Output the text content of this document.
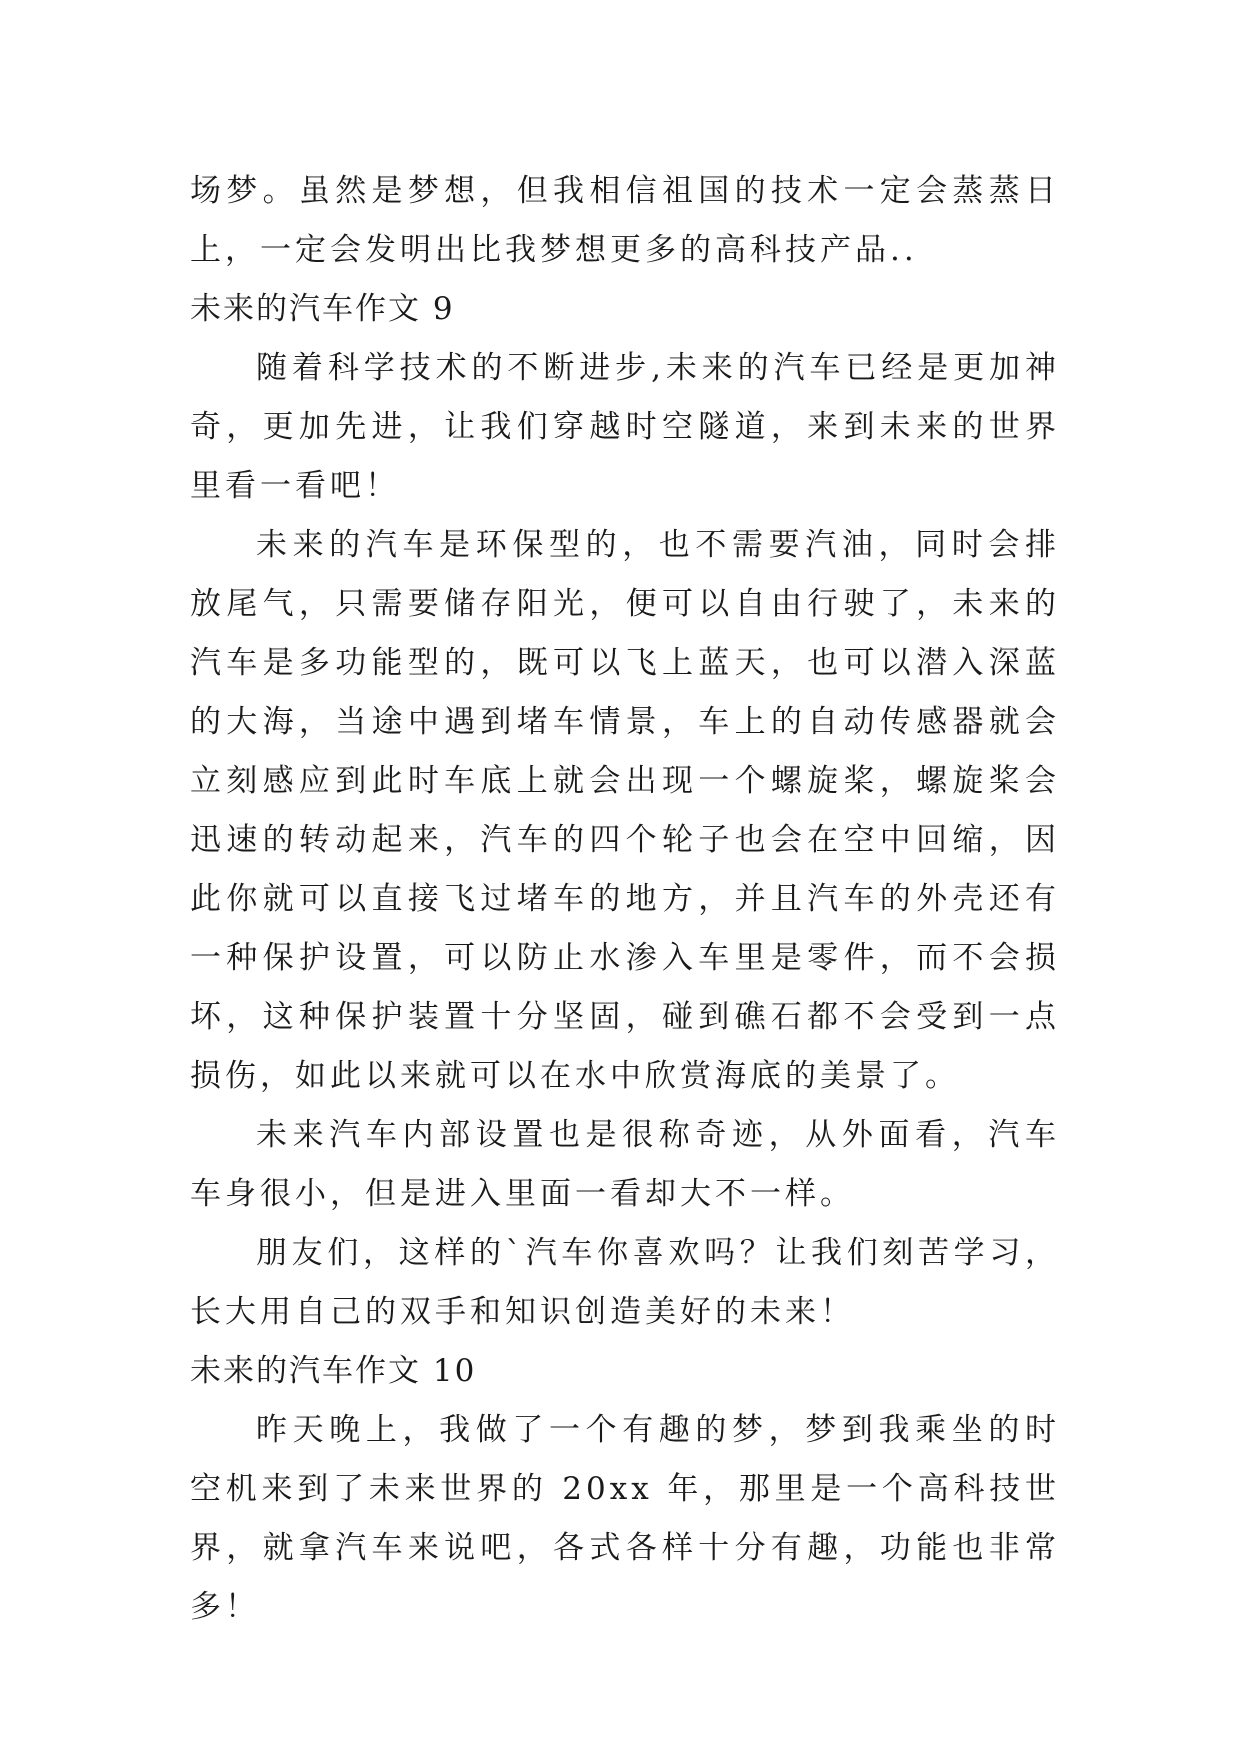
场梦。虽然是梦想，但我相信祖国的技术一定会蒸蒸日上，一定会发明出比我梦想更多的高科技产品..

未来的汽车作文 9

随着科学技术的不断进步,未来的汽车已经是更加神奇，更加先进，让我们穿越时空隧道，来到未来的世界里看一看吧！

未来的汽车是环保型的，也不需要汽油，同时会排放尾气，只需要储存阳光，便可以自由行驶了，未来的汽车是多功能型的，既可以飞上蓝天，也可以潜入深蓝的大海，当途中遇到堵车情景，车上的自动传感器就会立刻感应到此时车底上就会出现一个螺旋桨，螺旋桨会迅速的转动起来，汽车的四个轮子也会在空中回缩，因此你就可以直接飞过堵车的地方，并且汽车的外壳还有一种保护设置，可以防止水渗入车里是零件，而不会损坏，这种保护装置十分坚固，碰到礁石都不会受到一点损伤，如此以来就可以在水中欣赏海底的美景了。

未来汽车内部设置也是很称奇迹，从外面看，汽车车身很小，但是进入里面一看却大不一样。

朋友们，这样的`汽车你喜欢吗？让我们刻苦学习，长大用自己的双手和知识创造美好的未来！

未来的汽车作文 10

昨天晚上，我做了一个有趣的梦，梦到我乘坐的时空机来到了未来世界的 20xx 年，那里是一个高科技世界，就拿汽车来说吧，各式各样十分有趣，功能也非常多！
